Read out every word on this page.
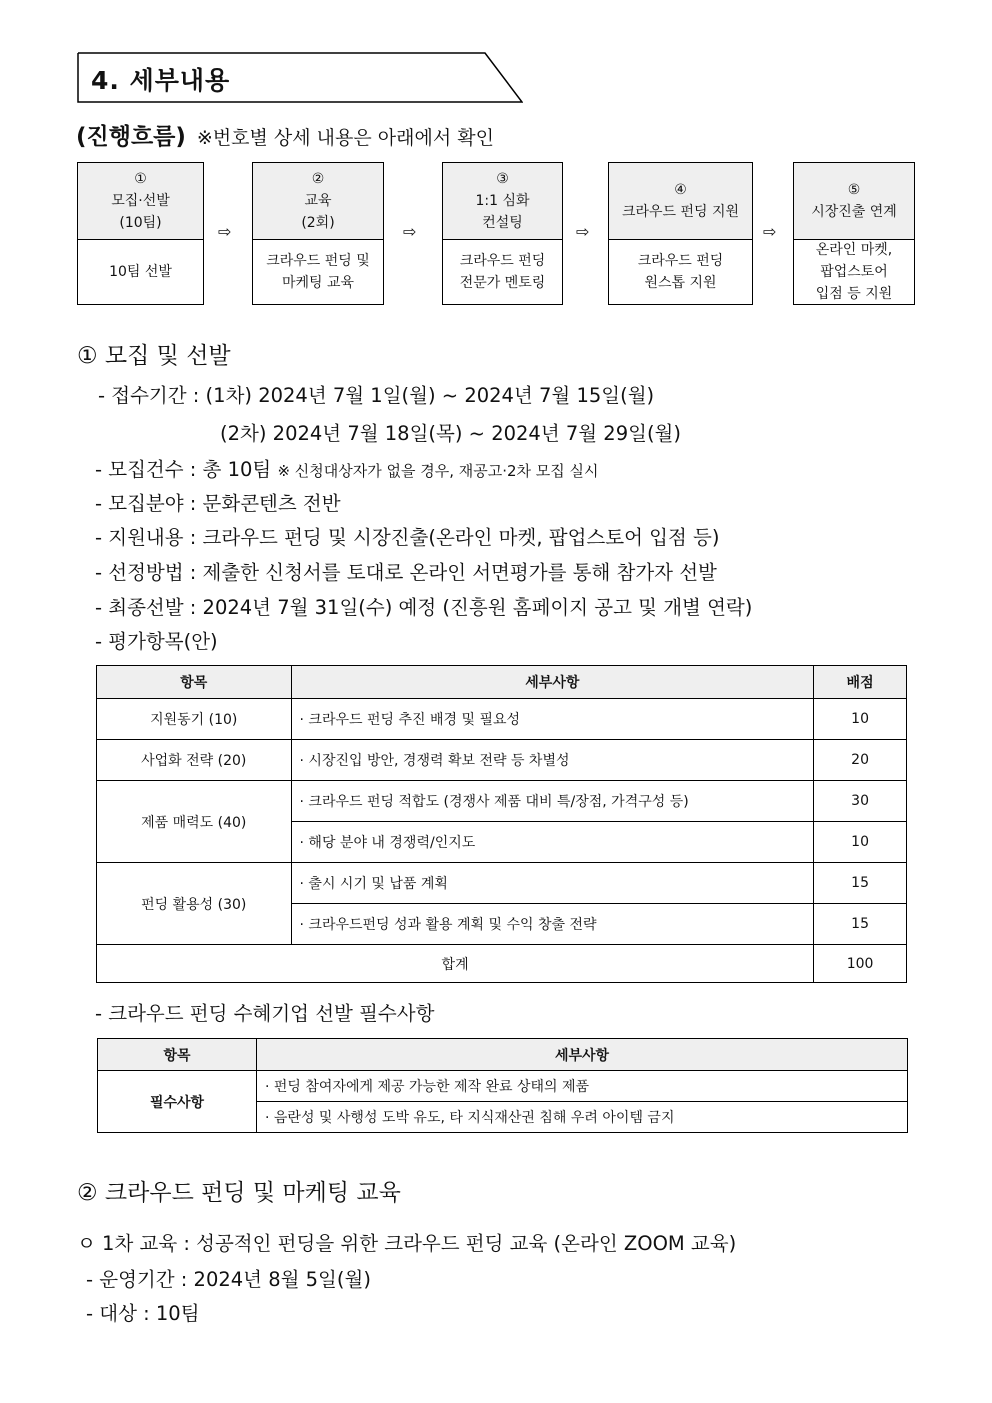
4. 세부내용
(진행흐름) ※번호별 상세 내용은 아래에서 확인
①
모집·선발
(10팀)
10팀 선발
⇨
②
교육
(2회)
크라우드 펀딩 및
마케팅 교육
⇨
③
1:1 심화
컨설팅
크라우드 펀딩
전문가 멘토링
⇨
④
크라우드 펀딩 지원
크라우드 펀딩
원스톱 지원
⇨
⑤
시장진출 연계
온라인 마켓,
팝업스토어
입점 등 지원
① 모집 및 선발
- 접수기간 : (1차) 2024년 7월 1일(월) ~ 2024년 7월 15일(월)
(2차) 2024년 7월 18일(목) ~ 2024년 7월 29일(월)
- 모집건수 : 총 10팀 ※ 신청대상자가 없을 경우, 재공고·2차 모집 실시
- 모집분야 : 문화콘텐츠 전반
- 지원내용 : 크라우드 펀딩 및 시장진출(온라인 마켓, 팝업스토어 입점 등)
- 선정방법 : 제출한 신청서를 토대로 온라인 서면평가를 통해 참가자 선발
- 최종선발 : 2024년 7월 31일(수) 예정 (진흥원 홈페이지 공고 및 개별 연락)
- 평가항목(안)
항목	세부사항	배점
지원동기 (10)	· 크라우드 펀딩 추진 배경 및 필요성	10
사업화 전략 (20)	· 시장진입 방안, 경쟁력 확보 전략 등 차별성	20
제품 매력도 (40)	· 크라우드 펀딩 적합도 (경쟁사 제품 대비 특/장점, 가격구성 등)	30
	· 해당 분야 내 경쟁력/인지도	10
펀딩 활용성 (30)	· 출시 시기 및 납품 계획	15
	· 크라우드펀딩 성과 활용 계획 및 수익 창출 전략	15
합계		100
- 크라우드 펀딩 수혜기업 선발 필수사항
항목	세부사항
필수사항	· 펀딩 참여자에게 제공 가능한 제작 완료 상태의 제품
	· 음란성 및 사행성 도박 유도, 타 지식재산권 침해 우려 아이템 금지
② 크라우드 펀딩 및 마케팅 교육
ㅇ 1차 교육 : 성공적인 펀딩을 위한 크라우드 펀딩 교육 (온라인 ZOOM 교육)
- 운영기간 : 2024년 8월 5일(월)
- 대상 : 10팀
